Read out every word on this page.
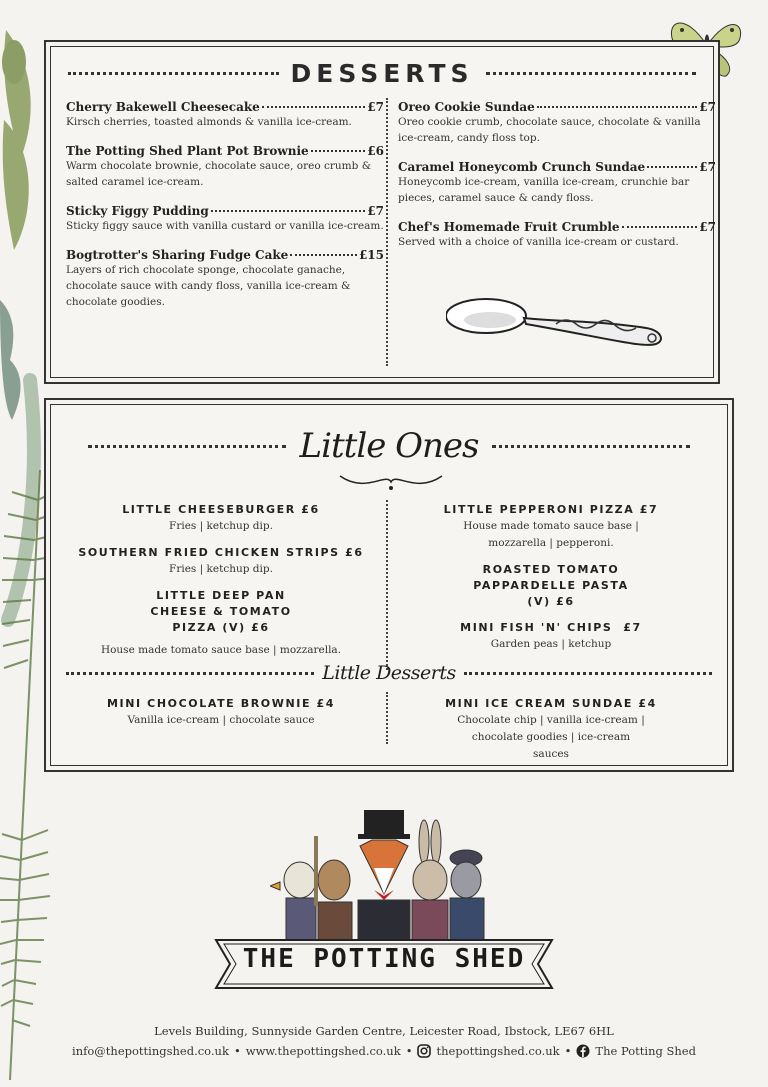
DESSERTS
Cherry Bakewell Cheesecake	£7
Kirsch cherries, toasted almonds & vanilla ice-cream.
The Potting Shed Plant Pot Brownie	£6
Warm chocolate brownie, chocolate sauce, oreo crumb & salted caramel ice-cream.
Sticky Figgy Pudding	£7
Sticky figgy sauce with vanilla custard or vanilla ice-cream.
Bogtrotter's Sharing Fudge Cake	£15
Layers of rich chocolate sponge, chocolate ganache, chocolate sauce with candy floss, vanilla ice-cream & chocolate goodies.
Oreo Cookie Sundae	£7
Oreo cookie crumb, chocolate sauce, chocolate & vanilla ice-cream, candy floss top.
Caramel Honeycomb Crunch Sundae	£7
Honeycomb ice-cream, vanilla ice-cream, crunchie bar pieces, caramel sauce & candy floss.
Chef's Homemade Fruit Crumble	£7
Served with a choice of vanilla ice-cream or custard.
Little Ones
LITTLE CHEESEBURGER £6
Fries | ketchup dip.
SOUTHERN FRIED CHICKEN STRIPS £6
Fries | ketchup dip.
LITTLE DEEP PAN CHEESE & TOMATO PIZZA (V) £6
House made tomato sauce base | mozzarella.
LITTLE PEPPERONI PIZZA £7
House made tomato sauce base | mozzarella | pepperoni.
ROASTED TOMATO PAPPARDELLE PASTA (V) £6
MINI FISH 'N' CHIPS  £7
Garden peas | ketchup
Little Desserts
MINI CHOCOLATE BROWNIE £4
Vanilla ice-cream | chocolate sauce
MINI ICE CREAM SUNDAE £4
Chocolate chip | vanilla ice-cream | chocolate goodies | ice-cream sauces
THE POTTING SHED
Levels Building, Sunnyside Garden Centre, Leicester Road, Ibstock, LE67 6HL
info@thepottingshed.co.uk • www.thepottingshed.co.uk • thepottingshed.co.uk • The Potting Shed
